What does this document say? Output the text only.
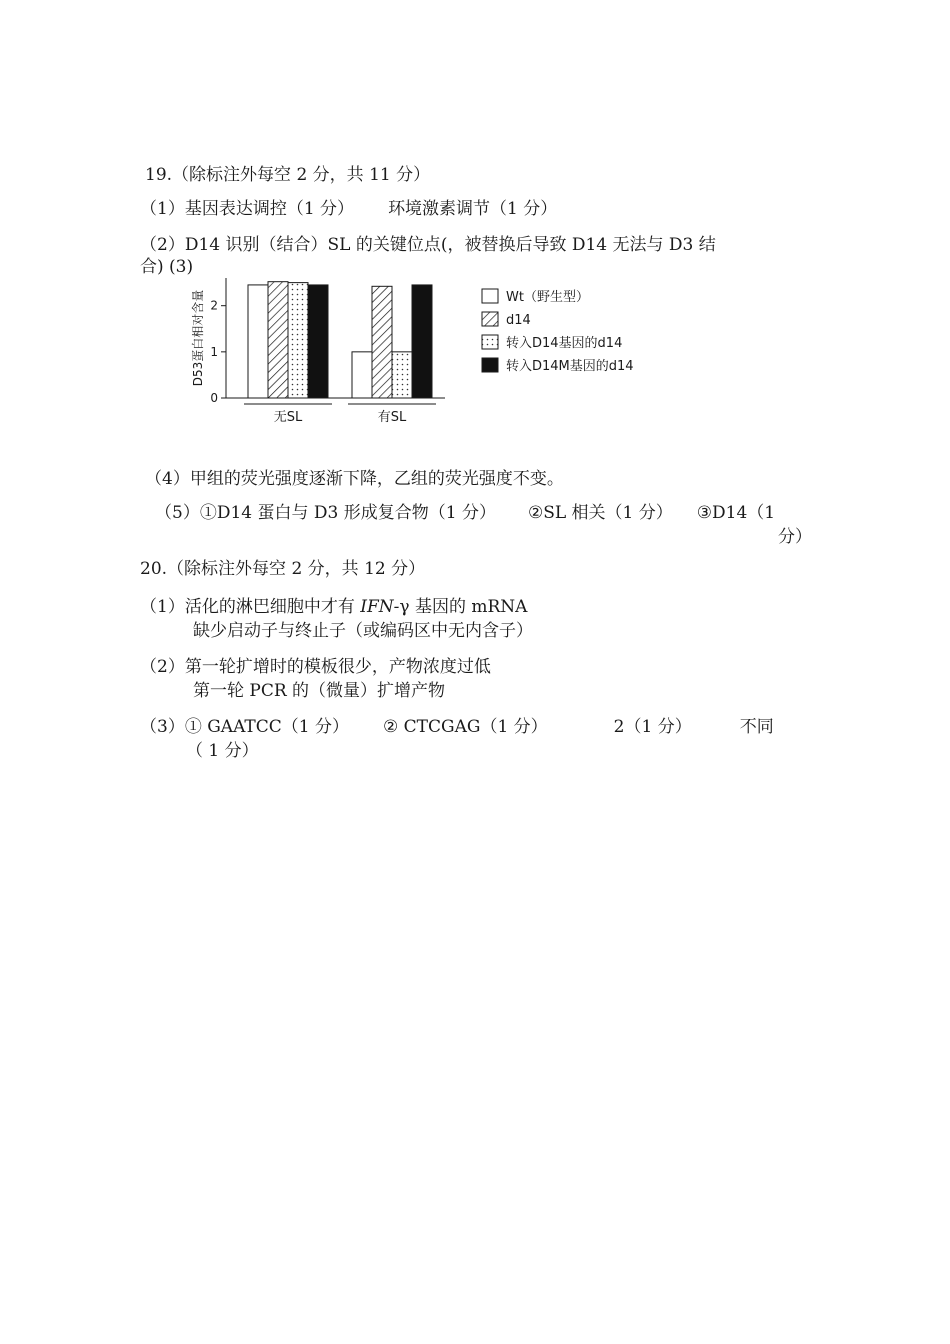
19.（除标注外每空 2 分，共 11 分）
（1）基因表达调控（1 分） 环境激素调节（1 分）
（2）D14 识别（结合）SL 的关键位点(，被替换后导致 D14 无法与 D3 结
合) (3)
D53蛋白相对含量
0
1
2
无SL	有SL
Wt（野生型）
d14
转入D14基因的d14
转入D14M基因的d14
（4）甲组的荧光强度逐渐下降，乙组的荧光强度不变。
（5）①D14 蛋白与 D3 形成复合物（1 分） ②SL 相关（1 分） ③D14（1
分）
20.（除标注外每空 2 分，共 12 分）
（1）活化的淋巴细胞中才有 IFN-γ 基因的 mRNA
缺少启动子与终止子（或编码区中无内含子）
（2）第一轮扩增时的模板很少，产物浓度过低
第一轮 PCR 的（微量）扩增产物
（3）① GAATCC（1 分） ② CTCGAG（1 分）	2（1 分）	不同
（ 1 分）
